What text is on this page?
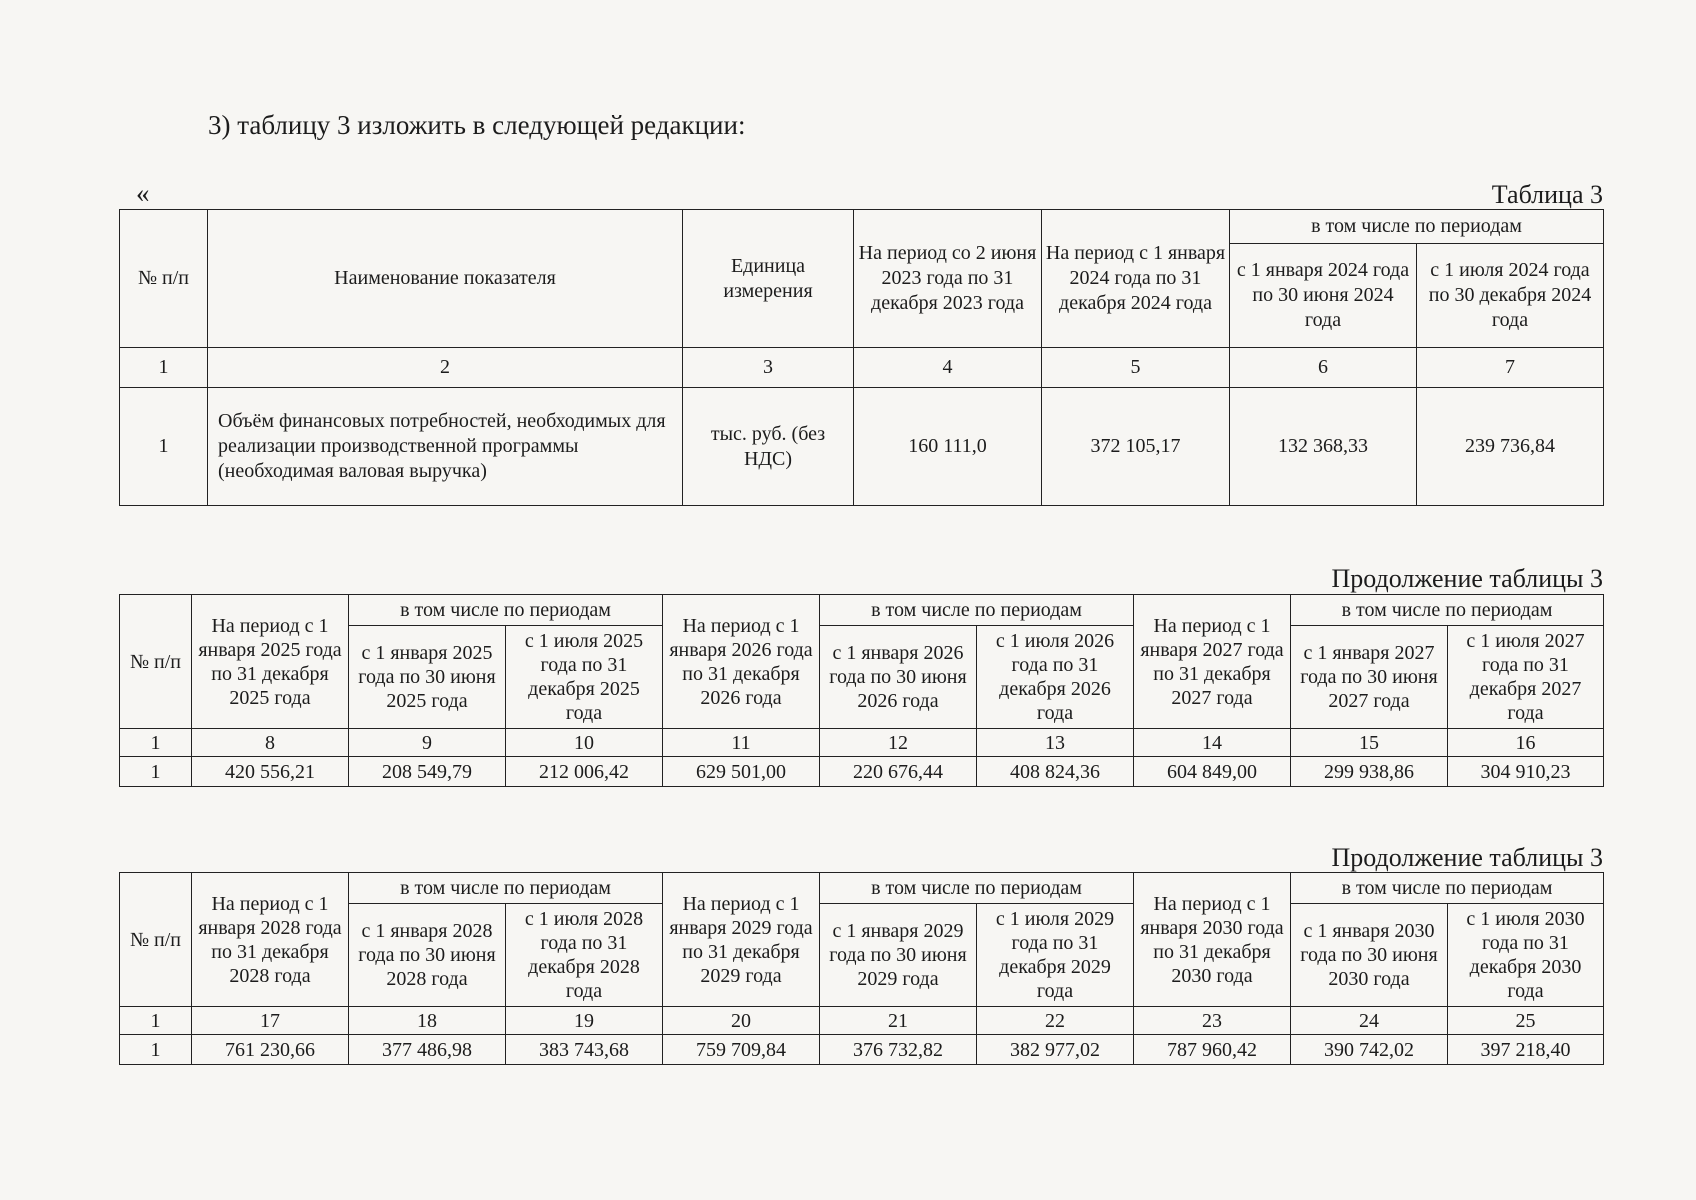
3) таблицу 3 изложить в следующей редакции:
«	Таблица 3
№ п/п	Наименование показателя	Единица измерения	На период со 2 июня 2023 года по 31 декабря 2023 года	На период с 1 января 2024 года по 31 декабря 2024 года	в том числе по периодам	
					с 1 января 2024 года по 30 июня 2024 года	с 1 июля 2024 года по 30 декабря 2024 года
1	2	3	4	5	6	7
1	Объём финансовых потребностей, необходимых для реализации производственной программы (необходимая валовая выручка)	тыс. руб. (без НДС)	160 111,0	372 105,17	132 368,33	239 736,84
Продолжение таблицы 3
№ п/п	На период с 1 января 2025 года по 31 декабря 2025 года	в том числе по периодам		На период с 1 января 2026 года по 31 декабря 2026 года	в том числе по периодам		На период с 1 января 2027 года по 31 декабря 2027 года	в том числе по периодам	
		с 1 января 2025 года по 30 июня 2025 года	с 1 июля 2025 года по 31 декабря 2025 года		с 1 января 2026 года по 30 июня 2026 года	с 1 июля 2026 года по 31 декабря 2026 года		с 1 января 2027 года по 30 июня 2027 года	с 1 июля 2027 года по 31 декабря 2027 года
1	8	9	10	11	12	13	14	15	16
1	420 556,21	208 549,79	212 006,42	629 501,00	220 676,44	408 824,36	604 849,00	299 938,86	304 910,23
Продолжение таблицы 3
№ п/п	На период с 1 января 2028 года по 31 декабря 2028 года	в том числе по периодам		На период с 1 января 2029 года по 31 декабря 2029 года	в том числе по периодам		На период с 1 января 2030 года по 31 декабря 2030 года	в том числе по периодам	
		с 1 января 2028 года по 30 июня 2028 года	с 1 июля 2028 года по 31 декабря 2028 года		с 1 января 2029 года по 30 июня 2029 года	с 1 июля 2029 года по 31 декабря 2029 года		с 1 января 2030 года по 30 июня 2030 года	с 1 июля 2030 года по 31 декабря 2030 года
1	17	18	19	20	21	22	23	24	25
1	761 230,66	377 486,98	383 743,68	759 709,84	376 732,82	382 977,02	787 960,42	390 742,02	397 218,40
